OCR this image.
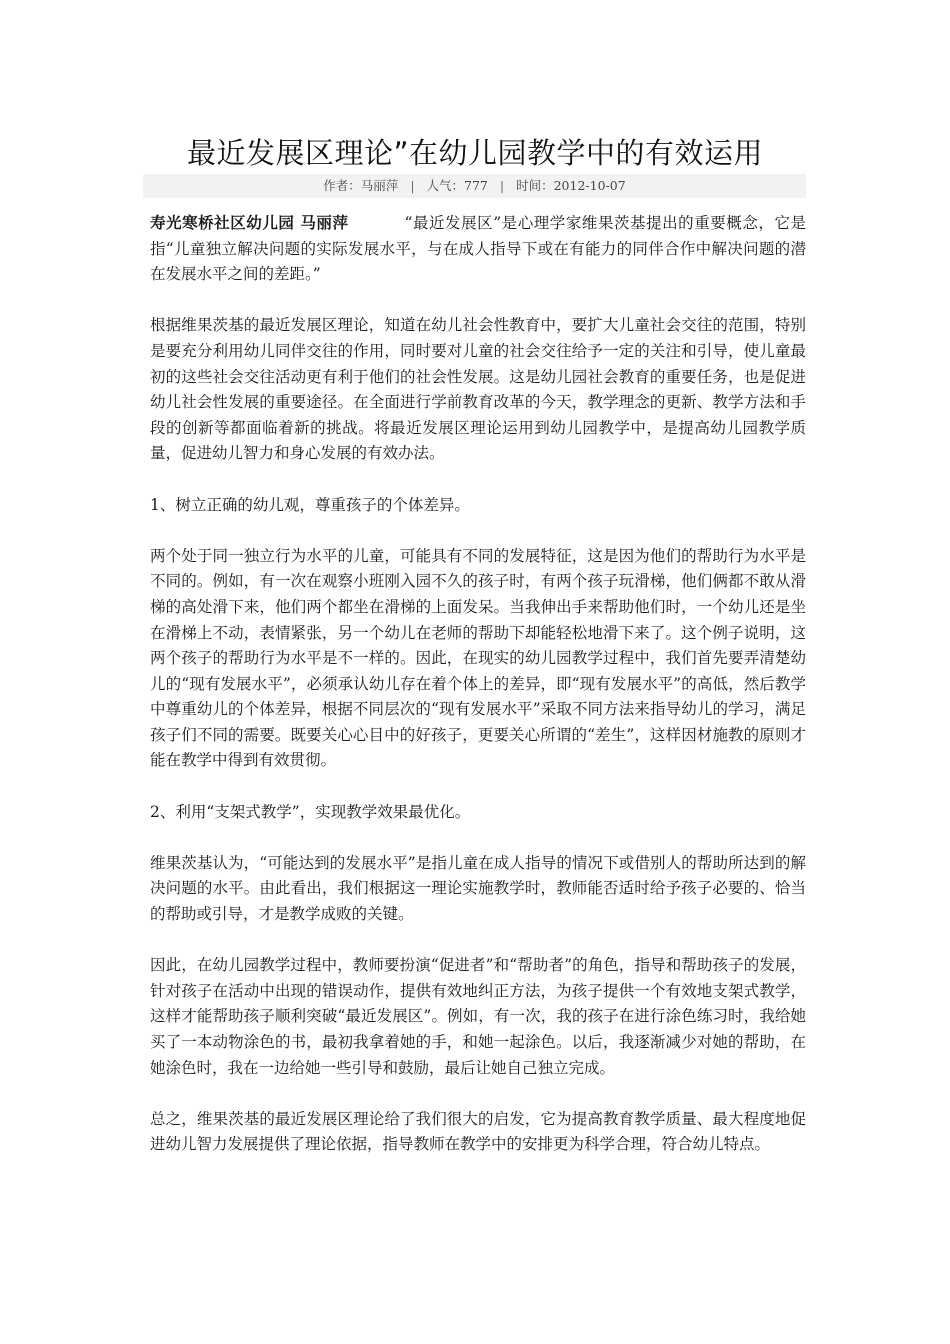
最近发展区理论”在幼儿园教学中的有效运用
作者：马丽萍 | 人气：777 | 时间：2012-10-07

寿光寒桥社区幼儿园 马丽萍	“最近发展区”是心理学家维果茨基提出的重要概念，它是指“儿童独立解决问题的实际发展水平，与在成人指导下或在有能力的同伴合作中解决问题的潜在发展水平之间的差距。”

根据维果茨基的最近发展区理论，知道在幼儿社会性教育中，要扩大儿童社会交往的范围，特别是要充分利用幼儿同伴交往的作用，同时要对儿童的社会交往给予一定的关注和引导，使儿童最初的这些社会交往活动更有利于他们的社会性发展。这是幼儿园社会教育的重要任务，也是促进幼儿社会性发展的重要途径。在全面进行学前教育改革的今天，教学理念的更新、教学方法和手段的创新等都面临着新的挑战。将最近发展区理论运用到幼儿园教学中，是提高幼儿园教学质量，促进幼儿智力和身心发展的有效办法。

1、树立正确的幼儿观，尊重孩子的个体差异。

两个处于同一独立行为水平的儿童，可能具有不同的发展特征，这是因为他们的帮助行为水平是不同的。例如，有一次在观察小班刚入园不久的孩子时，有两个孩子玩滑梯，他们俩都不敢从滑梯的高处滑下来，他们两个都坐在滑梯的上面发呆。当我伸出手来帮助他们时，一个幼儿还是坐在滑梯上不动，表情紧张，另一个幼儿在老师的帮助下却能轻松地滑下来了。这个例子说明，这两个孩子的帮助行为水平是不一样的。因此，在现实的幼儿园教学过程中，我们首先要弄清楚幼儿的“现有发展水平”，必须承认幼儿存在着个体上的差异，即“现有发展水平”的高低，然后教学中尊重幼儿的个体差异，根据不同层次的“现有发展水平”采取不同方法来指导幼儿的学习，满足孩子们不同的需要。既要关心心目中的好孩子，更要关心所谓的“差生”，这样因材施教的原则才能在教学中得到有效贯彻。

2、利用“支架式教学”，实现教学效果最优化。

维果茨基认为，“可能达到的发展水平”是指儿童在成人指导的情况下或借别人的帮助所达到的解决问题的水平。由此看出，我们根据这一理论实施教学时，教师能否适时给予孩子必要的、恰当的帮助或引导，才是教学成败的关键。

因此，在幼儿园教学过程中，教师要扮演“促进者”和“帮助者”的角色，指导和帮助孩子的发展，针对孩子在活动中出现的错误动作，提供有效地纠正方法，为孩子提供一个有效地支架式教学，这样才能帮助孩子顺利突破“最近发展区”。例如，有一次，我的孩子在进行涂色练习时，我给她买了一本动物涂色的书，最初我拿着她的手，和她一起涂色。以后，我逐渐减少对她的帮助，在她涂色时，我在一边给她一些引导和鼓励，最后让她自己独立完成。

总之，维果茨基的最近发展区理论给了我们很大的启发，它为提高教育教学质量、最大程度地促进幼儿智力发展提供了理论依据，指导教师在教学中的安排更为科学合理，符合幼儿特点。
